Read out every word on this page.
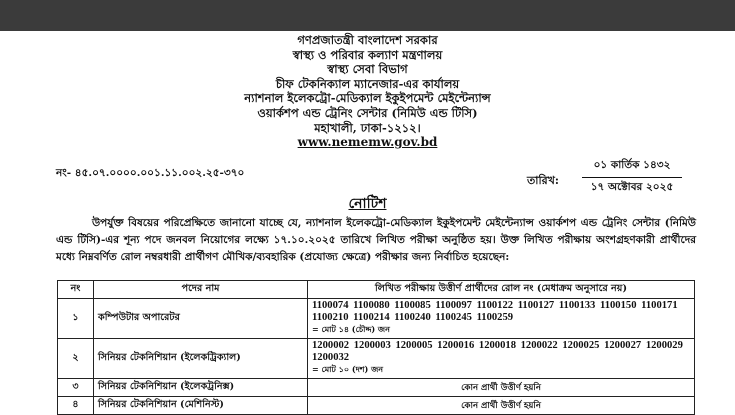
গণপ্রজাতন্ত্রী বাংলাদেশ সরকার
স্বাস্থ্য ও পরিবার কল্যাণ মন্ত্রণালয়
স্বাস্থ্য সেবা বিভাগ
চীফ টেকনিক্যাল ম্যানেজার-এর কার্যালয়
ন্যাশনাল ইলেকট্রো-মেডিক্যাল ইকুইপমেন্ট মেইন্টেন্যান্স
ওয়ার্কশপ এন্ড ট্রেনিং সেন্টার (নিমিউ এন্ড টিসি)
মহাখালী, ঢাকা-১২১২।
www.nememw.gov.bd
নং- ৪৫.০৭.০০০০.০০১.১১.০০২.২৫-৩৭০
তারিখ:
০১ কার্তিক ১৪৩২
১৭ অক্টোবর ২০২৫
নোটিশ

উপর্যুক্ত বিষয়ের পরিপ্রেক্ষিতে জানানো যাচ্ছে যে, ন্যাশনাল ইলেকট্রো-মেডিক্যাল ইকুইপমেন্ট মেইন্টেন্যান্স ওয়ার্কশপ এন্ড ট্রেনিং সেন্টার (নিমিউ এন্ড টিসি)-এর শূন্য পদে জনবল নিয়োগের লক্ষ্যে ১৭.১০.২০২৫ তারিখে লিখিত পরীক্ষা অনুষ্ঠিত হয়। উক্ত লিখিত পরীক্ষায় অংশগ্রহণকারী প্রার্থীদের মধ্যে নিম্নবর্ণিত রোল নম্বরধারী প্রার্থীগণ মৌখিক/ব্যবহারিক (প্রযোজ্য ক্ষেত্রে) পরীক্ষার জন্য নির্বাচিত হয়েছেন:

নং	পদের নাম	লিখিত পরীক্ষায় উত্তীর্ণ প্রার্থীদের রোল নং (মেধাক্রম অনুসারে নয়)
১	কম্পিউটার অপারেটর	1100074 1100080 1100085 1100097 1100122 1100127 1100133 1100150 1100171 1100210 1100214 1100240 1100245 1100259
= মোট ১৪ (চৌদ্দ) জন

২	সিনিয়র টেকনিশিয়ান (ইলেকট্রিক্যাল)	1200002 1200003 1200005 1200016 1200018 1200022 1200025 1200027 1200029 1200032
= মোট ১০ (দশ) জন

৩	সিনিয়র টেকনিশিয়ান (ইলেকট্রনিক্স)	কোন প্রার্থী উত্তীর্ণ হয়নি
৪	সিনিয়র টেকনিশিয়ান (মেশিনিস্ট)	কোন প্রার্থী উত্তীর্ণ হয়নি
